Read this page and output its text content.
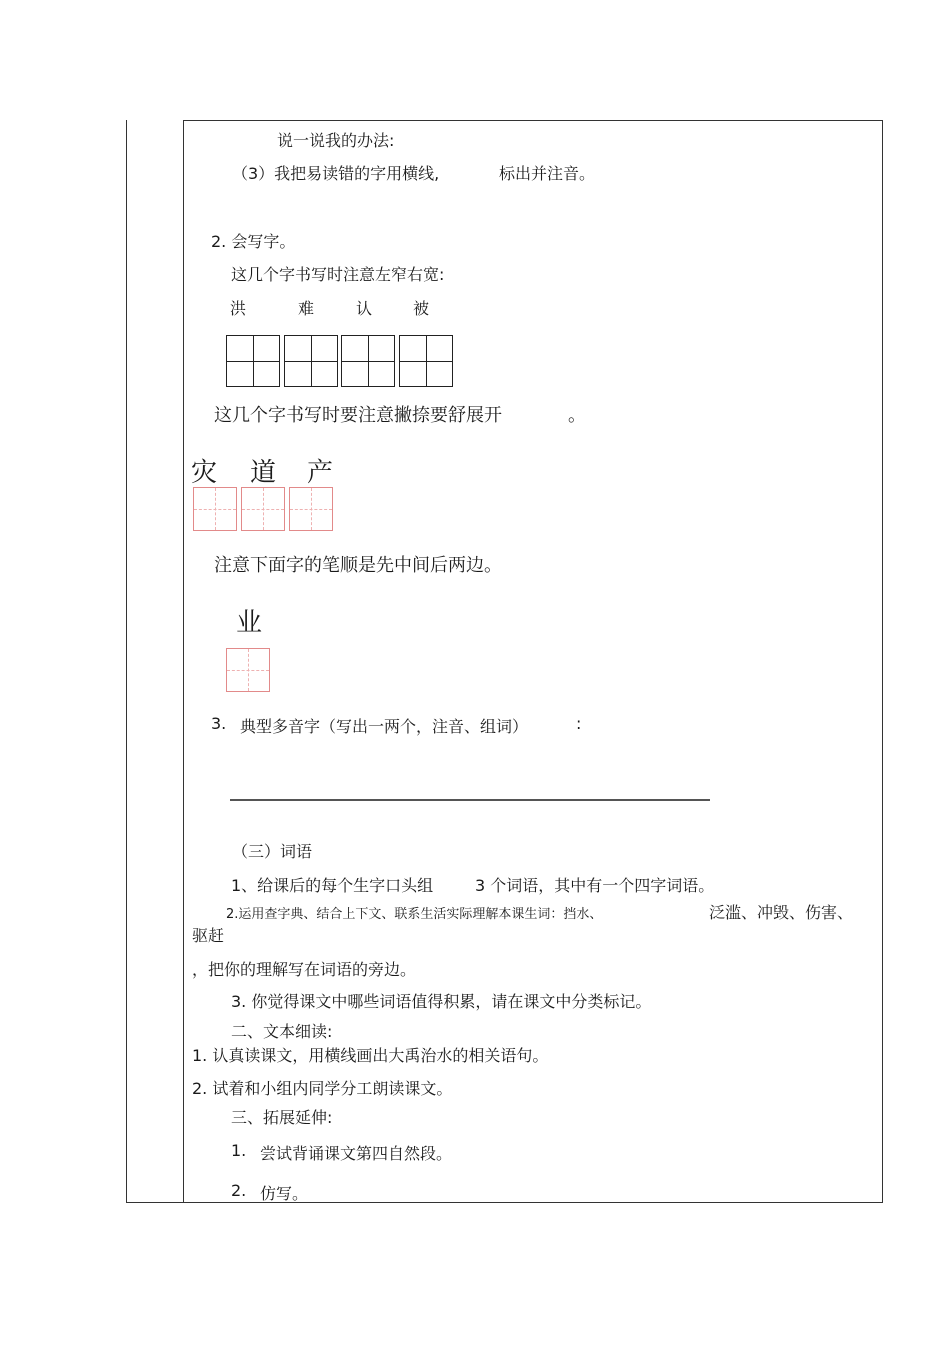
说一说我的办法:
（3）我把易读错的字用横线,	标出并注音。
2. 会写字。
这几个字书写时注意左窄右宽:
洪	难	认	被
这几个字书写时要注意撇捺要舒展开	。
灾 道 产
注意下面字的笔顺是先中间后两边。
业
3. 典型多音字（写出一两个，注音、组词）	:
（三）词语
1、给课后的每个生字口头组	3 个词语，其中有一个四字词语。
2.运用查字典、结合上下文、联系生活实际理解本课生词：挡水、	泛滥、冲毁、伤害、
驱赶
，把你的理解写在词语的旁边。
3. 你觉得课文中哪些词语值得积累，请在课文中分类标记。
二、文本细读:
1. 认真读课文，用横线画出大禹治水的相关语句。
2. 试着和小组内同学分工朗读课文。
三、拓展延伸:
1. 尝试背诵课文第四自然段。
2. 仿写。
